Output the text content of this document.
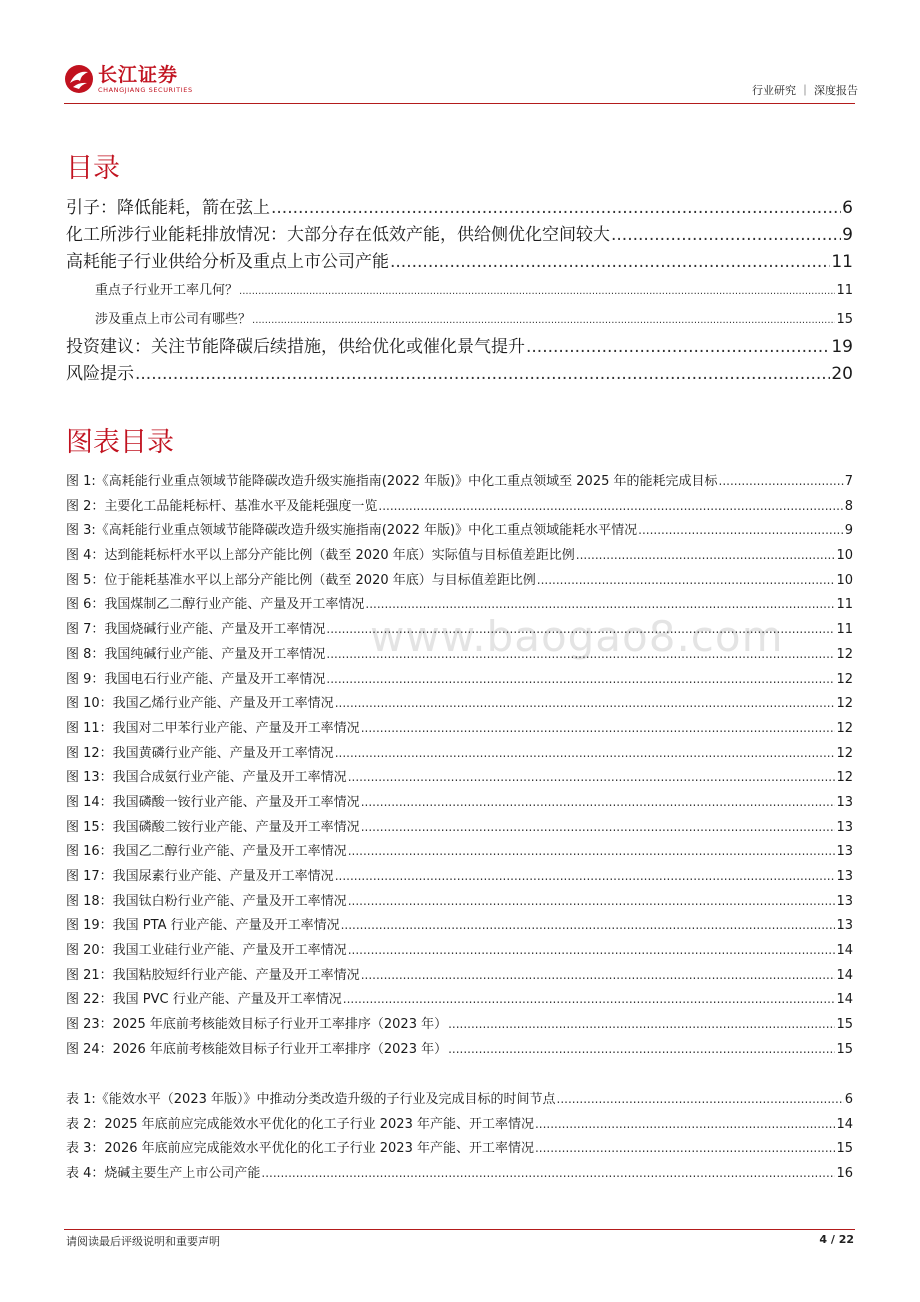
长江证券
CHANGJIANG SECURITIES	行业研究 ｜ 深度报告
目录
引子：降低能耗，箭在弦上 .....	6
化工所涉行业能耗排放情况：大部分存在低效产能，供给侧优化空间较大 .....	9
高耗能子行业供给分析及重点上市公司产能 .....	11
重点子行业开工率几何？ .....	11
涉及重点上市公司有哪些？ .....	15
投资建议：关注节能降碳后续措施，供给优化或催化景气提升 .....	19
风险提示 .....	20
图表目录
www.baogao8.com
图 1:《高耗能行业重点领域节能降碳改造升级实施指南(2022 年版)》中化工重点领域至 2025 年的能耗完成目标 .....	7
图 2：主要化工品能耗标杆、基准水平及能耗强度一览 .....	8
图 3:《高耗能行业重点领域节能降碳改造升级实施指南(2022 年版)》中化工重点领域能耗水平情况 .....	9
图 4：达到能耗标杆水平以上部分产能比例（截至 2020 年底）实际值与目标值差距比例 .....	10
图 5：位于能耗基准水平以上部分产能比例（截至 2020 年底）与目标值差距比例 .....	10
图 6：我国煤制乙二醇行业产能、产量及开工率情况 .....	11
图 7：我国烧碱行业产能、产量及开工率情况 .....	11
图 8：我国纯碱行业产能、产量及开工率情况 .....	12
图 9：我国电石行业产能、产量及开工率情况 .....	12
图 10：我国乙烯行业产能、产量及开工率情况 .....	12
图 11：我国对二甲苯行业产能、产量及开工率情况 .....	12
图 12：我国黄磷行业产能、产量及开工率情况 .....	12
图 13：我国合成氨行业产能、产量及开工率情况 .....	12
图 14：我国磷酸一铵行业产能、产量及开工率情况 .....	13
图 15：我国磷酸二铵行业产能、产量及开工率情况 .....	13
图 16：我国乙二醇行业产能、产量及开工率情况 .....	13
图 17：我国尿素行业产能、产量及开工率情况 .....	13
图 18：我国钛白粉行业产能、产量及开工率情况 .....	13
图 19：我国 PTA 行业产能、产量及开工率情况 .....	13
图 20：我国工业硅行业产能、产量及开工率情况 .....	14
图 21：我国粘胶短纤行业产能、产量及开工率情况 .....	14
图 22：我国 PVC 行业产能、产量及开工率情况 .....	14
图 23：2025 年底前考核能效目标子行业开工率排序（2023 年） .....	15
图 24：2026 年底前考核能效目标子行业开工率排序（2023 年） .....	15
表 1:《能效水平（2023 年版）》中推动分类改造升级的子行业及完成目标的时间节点 .....	6
表 2：2025 年底前应完成能效水平优化的化工子行业 2023 年产能、开工率情况 .....	14
表 3：2026 年底前应完成能效水平优化的化工子行业 2023 年产能、开工率情况 .....	15
表 4：烧碱主要生产上市公司产能 .....	16
请阅读最后评级说明和重要声明	4 / 22
